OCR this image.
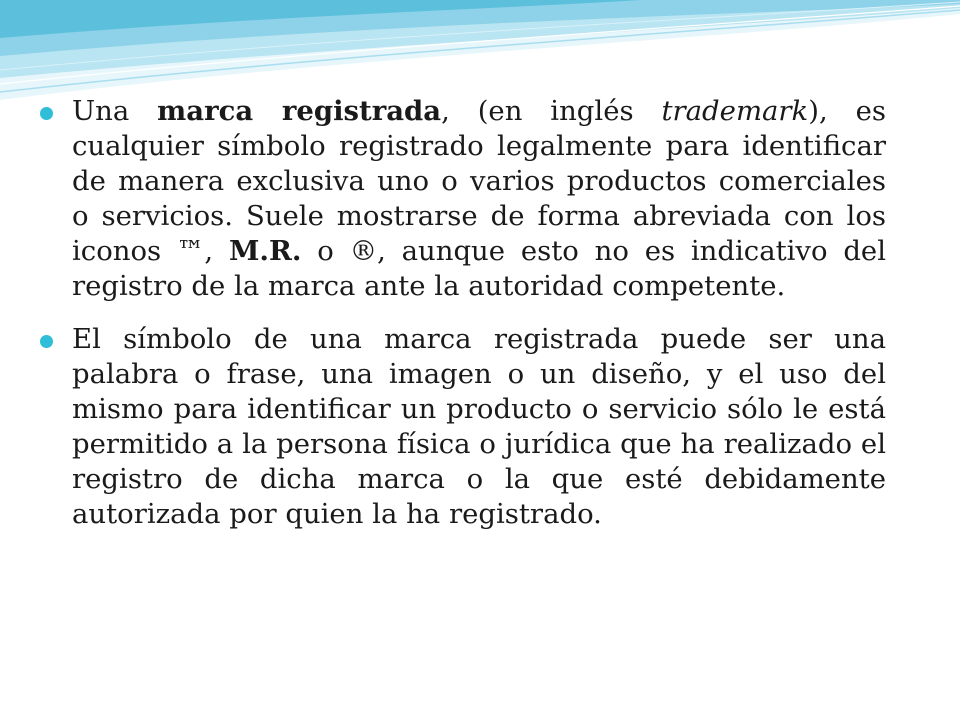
Una marca registrada, (en inglés trademark), es cualquier símbolo registrado legalmente para identificar de manera exclusiva uno o varios productos comerciales o servicios. Suele mostrarse de forma abreviada con los iconos ™, M.R. o ®, aunque esto no es indicativo del registro de la marca ante la autoridad competente.

El símbolo de una marca registrada puede ser una palabra o frase, una imagen o un diseño, y el uso del mismo para identificar un producto o servicio sólo le está permitido a la persona física o jurídica que ha realizado el registro de dicha marca o la que esté debidamente autorizada por quien la ha registrado.
